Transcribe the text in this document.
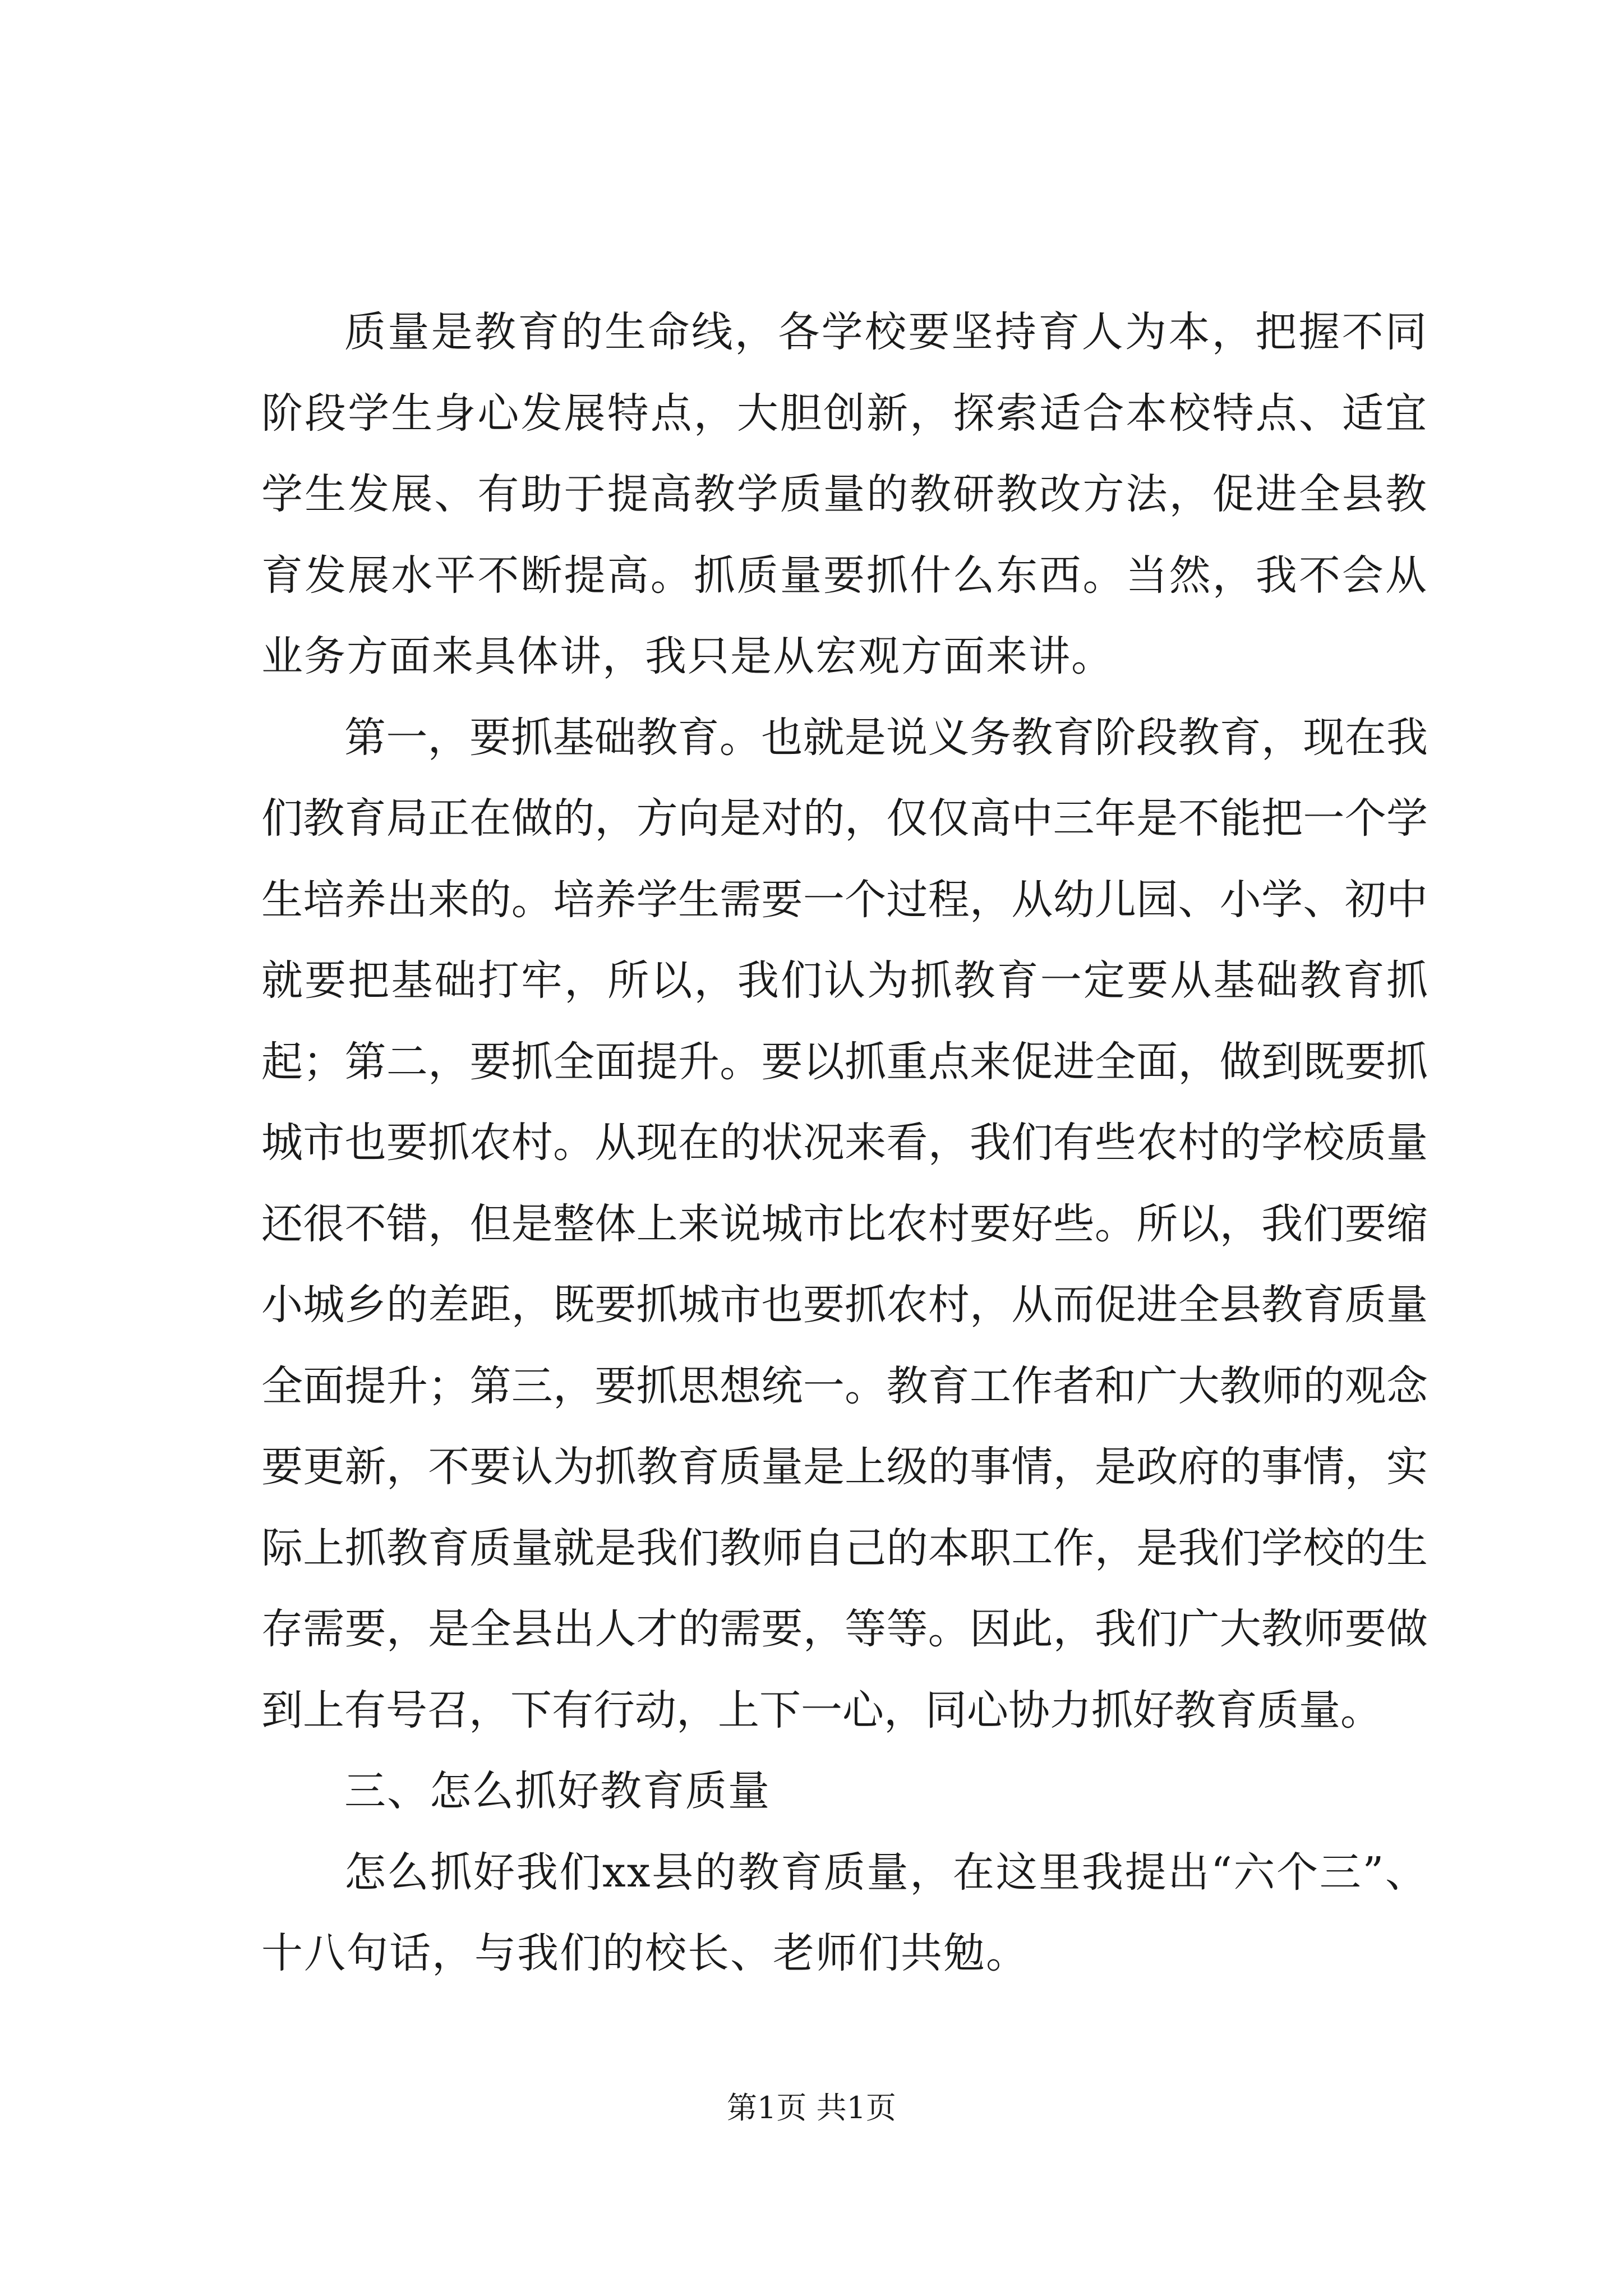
质量是教育的生命线，各学校要坚持育人为本，把握不同阶段学生身心发展特点，大胆创新，探索适合本校特点、适宜学生发展、有助于提高教学质量的教研教改方法，促进全县教育发展水平不断提高。抓质量要抓什么东西。当然，我不会从业务方面来具体讲，我只是从宏观方面来讲。

第一，要抓基础教育。也就是说义务教育阶段教育，现在我们教育局正在做的，方向是对的，仅仅高中三年是不能把一个学生培养出来的。培养学生需要一个过程，从幼儿园、小学、初中就要把基础打牢，所以，我们认为抓教育一定要从基础教育抓起；第二，要抓全面提升。要以抓重点来促进全面，做到既要抓城市也要抓农村。从现在的状况来看，我们有些农村的学校质量还很不错，但是整体上来说城市比农村要好些。所以，我们要缩小城乡的差距，既要抓城市也要抓农村，从而促进全县教育质量全面提升；第三，要抓思想统一。教育工作者和广大教师的观念要更新，不要认为抓教育质量是上级的事情，是政府的事情，实际上抓教育质量就是我们教师自己的本职工作，是我们学校的生存需要，是全县出人才的需要，等等。因此，我们广大教师要做到上有号召，下有行动，上下一心，同心协力抓好教育质量。

三、怎么抓好教育质量

怎么抓好我们xx县的教育质量，在这里我提出“六个三”、十八句话，与我们的校长、老师们共勉。

第1页 共1页
